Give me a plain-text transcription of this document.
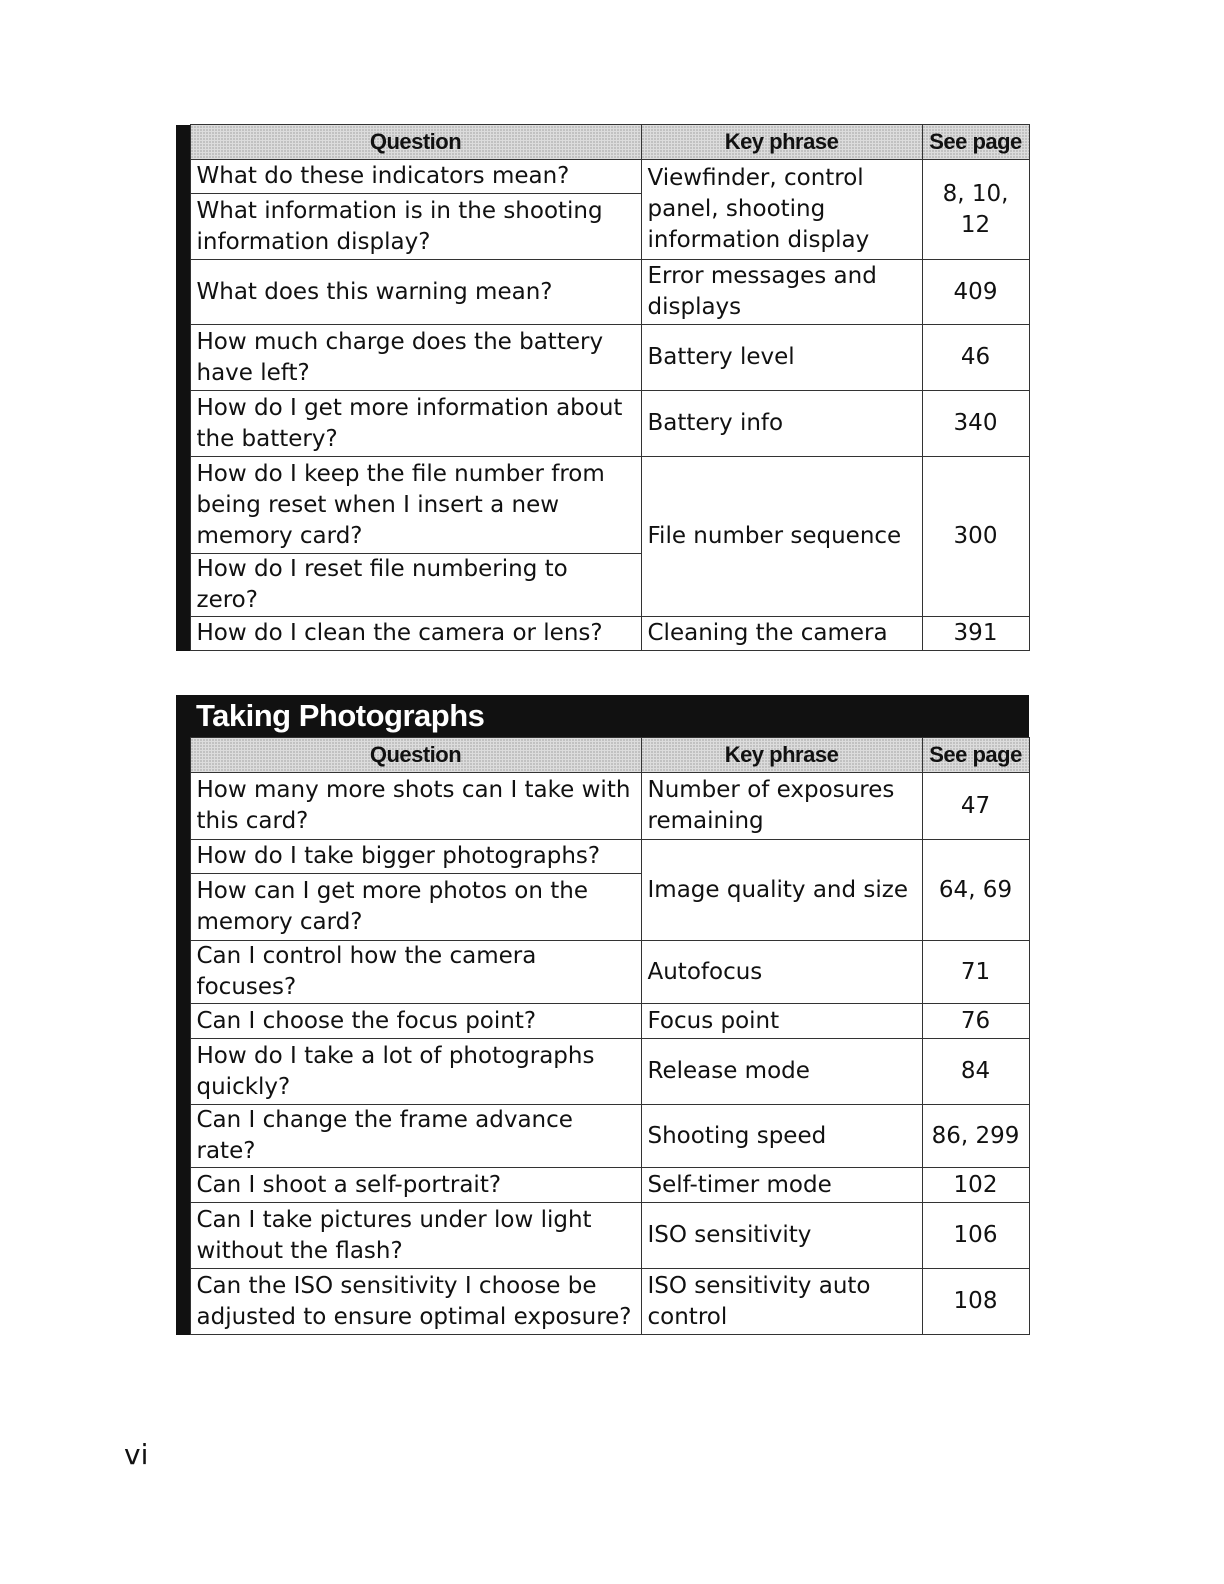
	Question	Key phrase	See page
	What do these indicators mean?	Viewfinder, control panel, shooting information display	8, 10, 12
	What information is in the shooting information display?		
	What does this warning mean?	Error messages and displays	409
	How much charge does the battery have left?	Battery level	46
	How do I get more information about the battery?	Battery info	340
	How do I keep the file number from being reset when I insert a new memory card?	File number sequence	300
	How do I reset file numbering to zero?		
	How do I clean the camera or lens?	Cleaning the camera	391
Taking Photographs			
	Question	Key phrase	See page
	How many more shots can I take with this card?	Number of exposures remaining	47
	How do I take bigger photographs?	Image quality and size	64, 69
	How can I get more photos on the memory card?		
	Can I control how the camera focuses?	Autofocus	71
	Can I choose the focus point?	Focus point	76
	How do I take a lot of photographs quickly?	Release mode	84
	Can I change the frame advance rate?	Shooting speed	86, 299
	Can I shoot a self-portrait?	Self-timer mode	102
	Can I take pictures under low light without the flash?	ISO sensitivity	106
	Can the ISO sensitivity I choose be adjusted to ensure optimal exposure?	ISO sensitivity auto control	108
vi
